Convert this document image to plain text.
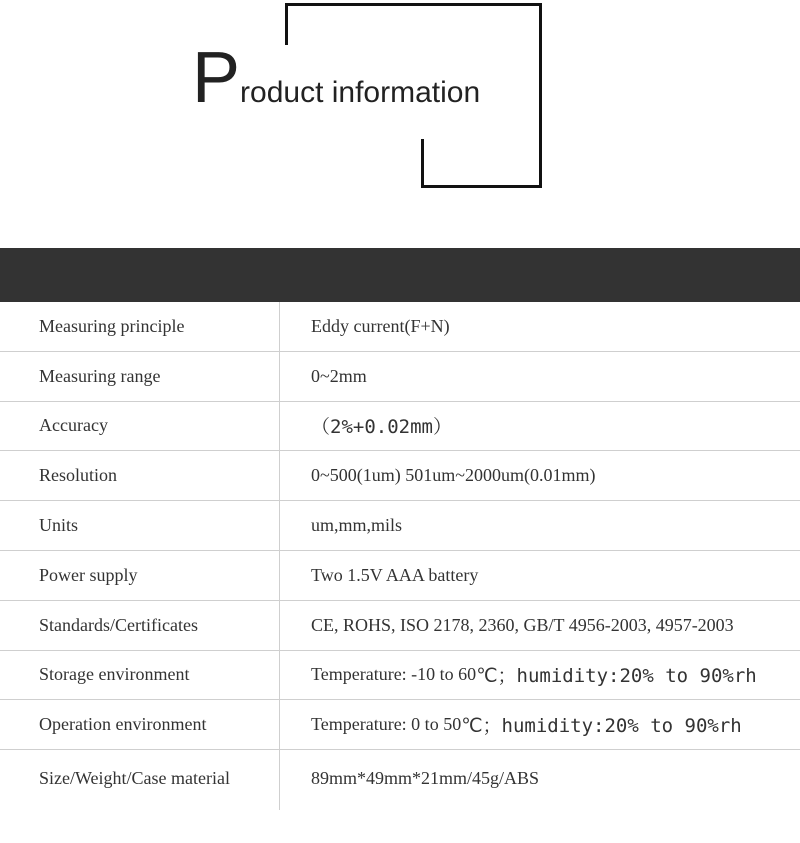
Product information
Measuring principle	Eddy current(F+N)
Measuring range	0~2mm
Accuracy	（2%+0.02mm）
Resolution	0~500(1um) 501um~2000um(0.01mm)
Units	um,mm,mils
Power supply	Two 1.5V AAA battery
Standards/Certificates	CE, ROHS, ISO 2178, 2360, GB/T 4956-2003, 4957-2003
Storage environment	Temperature: -10 to 60 ℃；humidity:20% to 90%rh
Operation environment	Temperature: 0 to 50 ℃；humidity:20% to 90%rh
Size/Weight/Case material	89mm*49mm*21mm/45g/ABS
